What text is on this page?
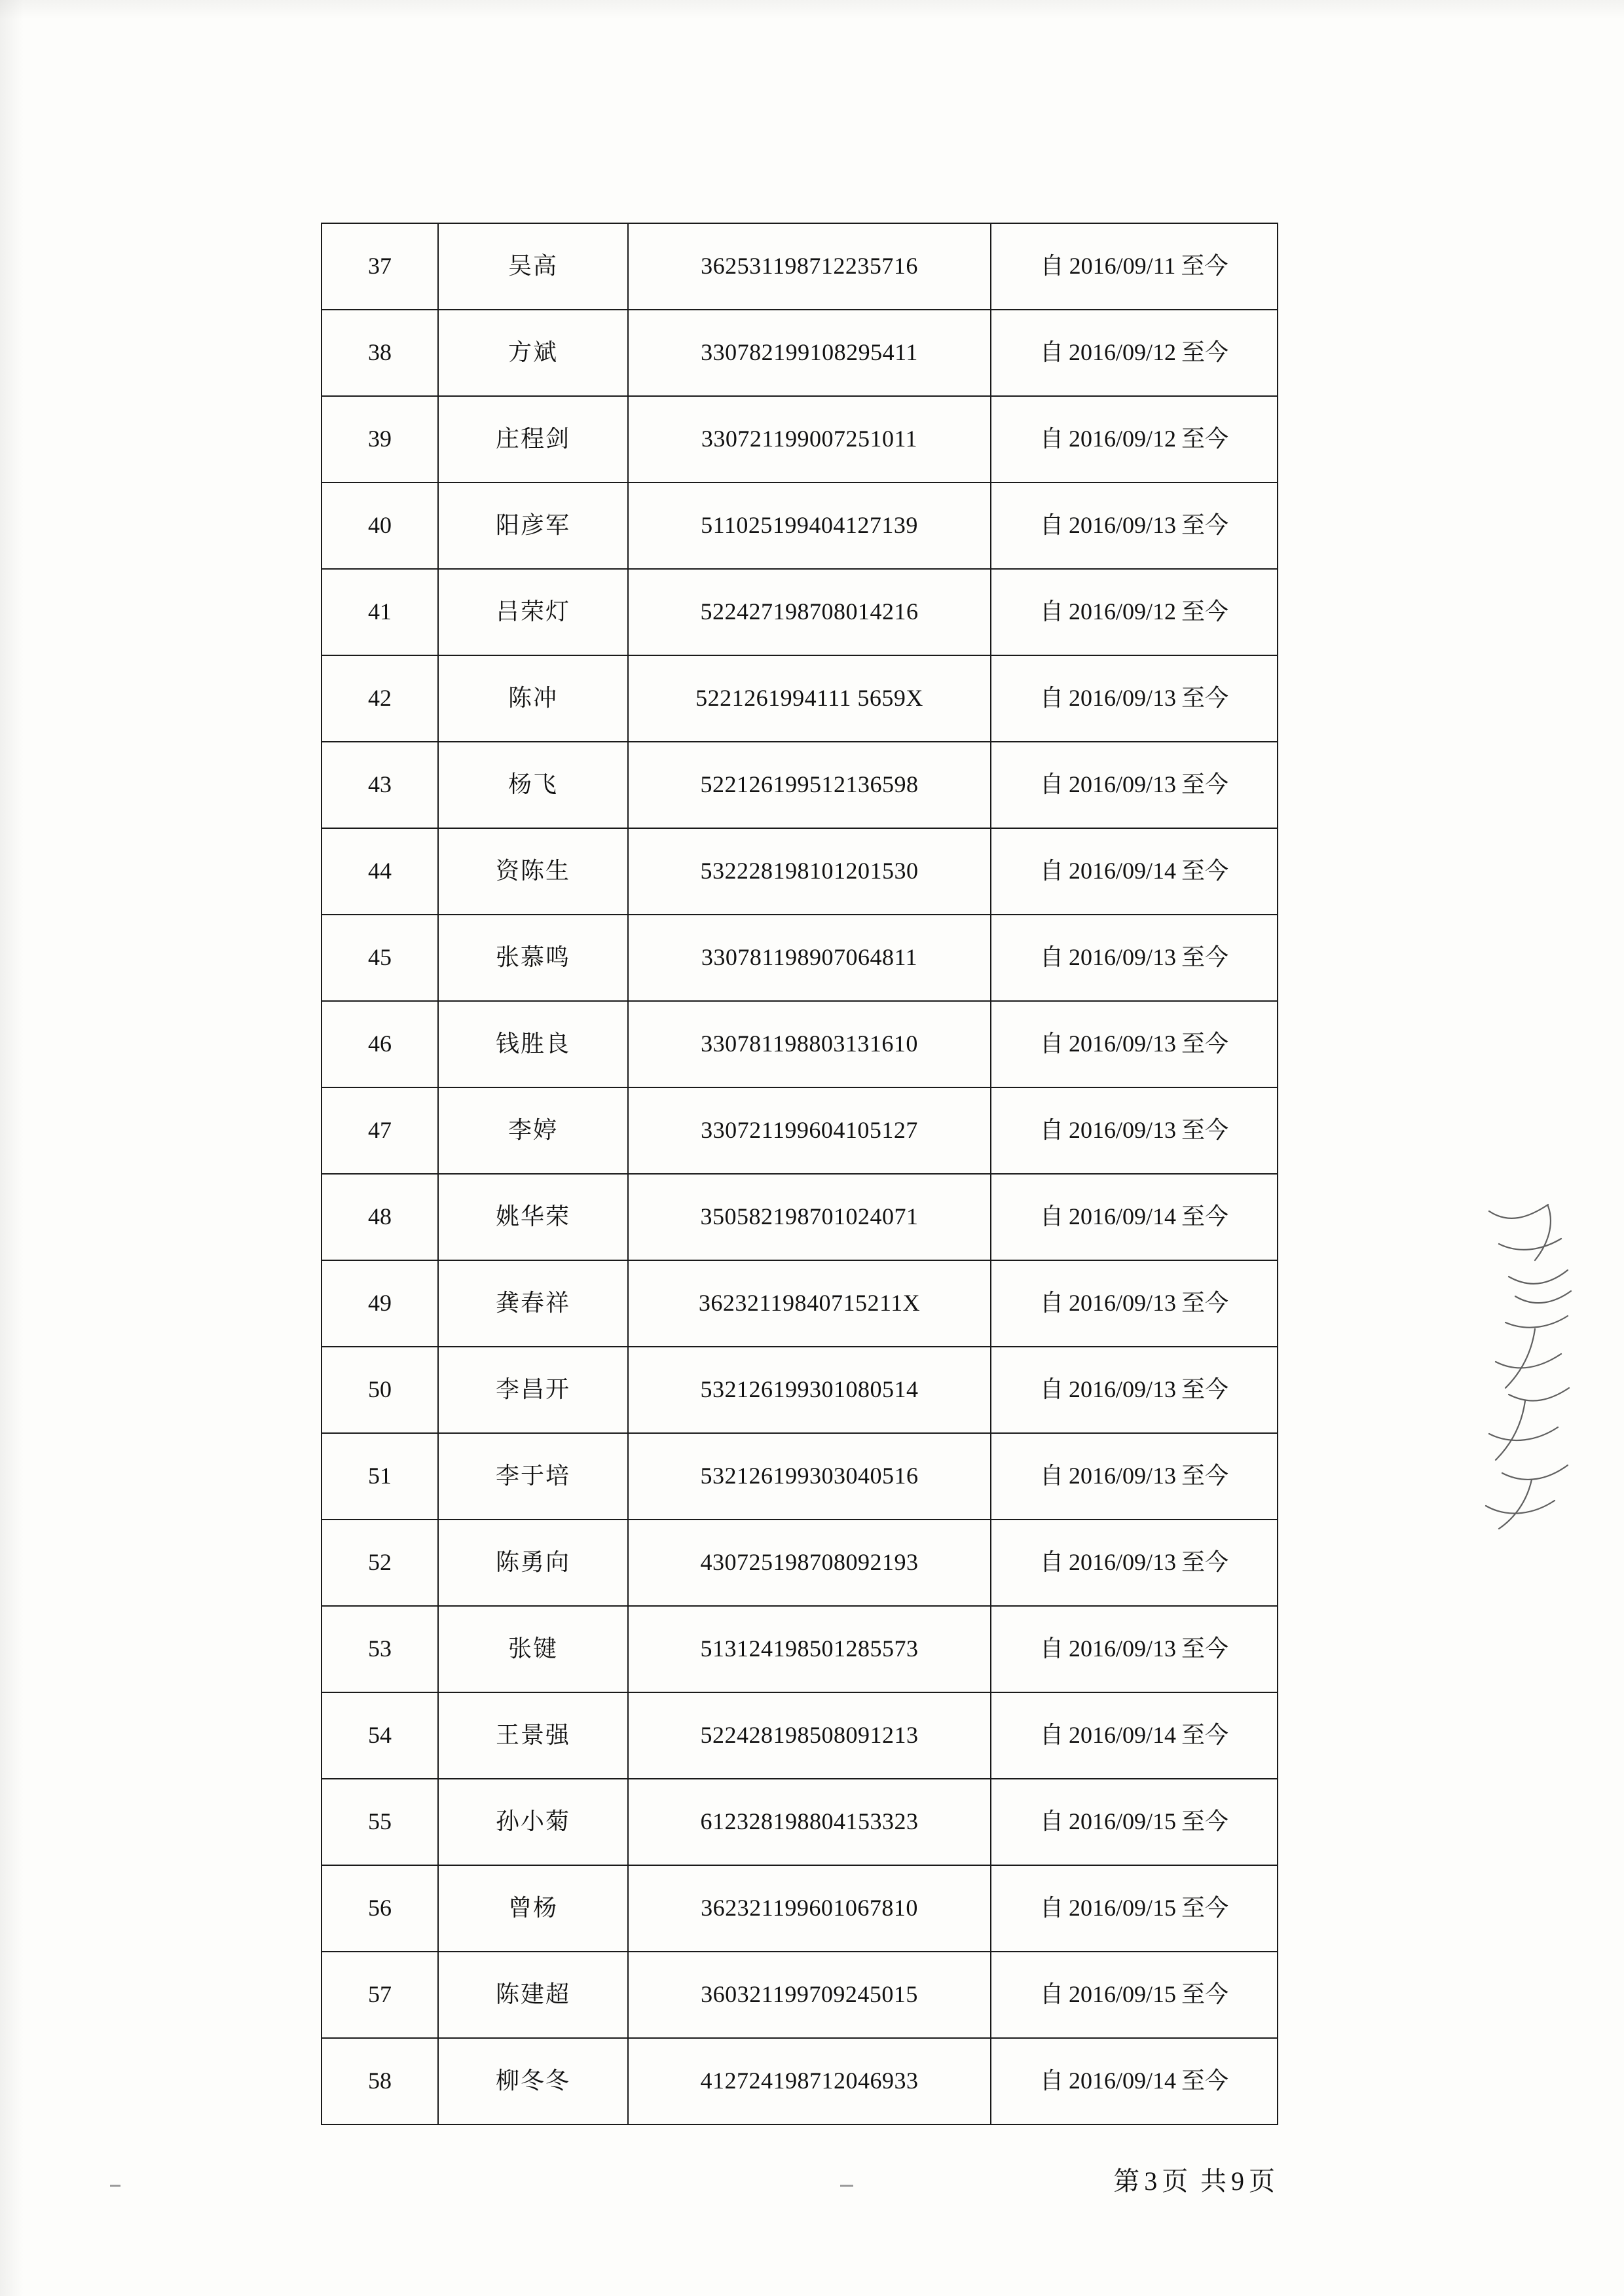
37	吴高	362531198712235716	自 2016/09/11 至今
38	方斌	330782199108295411	自 2016/09/12 至今
39	庄程剑	330721199007251011	自 2016/09/12 至今
40	阳彦军	511025199404127139	自 2016/09/13 至今
41	吕荣灯	522427198708014216	自 2016/09/12 至今
42	陈冲	5221261994111 5659X	自 2016/09/13 至今
43	杨飞	522126199512136598	自 2016/09/13 至今
44	资陈生	532228198101201530	自 2016/09/14 至今
45	张慕鸣	330781198907064811	自 2016/09/13 至今
46	钱胜良	330781198803131610	自 2016/09/13 至今
47	李婷	330721199604105127	自 2016/09/13 至今
48	姚华荣	350582198701024071	自 2016/09/14 至今
49	龚春祥	36232119840715211X	自 2016/09/13 至今
50	李昌开	532126199301080514	自 2016/09/13 至今
51	李于培	532126199303040516	自 2016/09/13 至今
52	陈勇向	430725198708092193	自 2016/09/13 至今
53	张键	513124198501285573	自 2016/09/13 至今
54	王景强	522428198508091213	自 2016/09/14 至今
55	孙小菊	612328198804153323	自 2016/09/15 至今
56	曾杨	362321199601067810	自 2016/09/15 至今
57	陈建超	360321199709245015	自 2016/09/15 至今
58	柳冬冬	412724198712046933	自 2016/09/14 至今
第 3 页 共 9 页
